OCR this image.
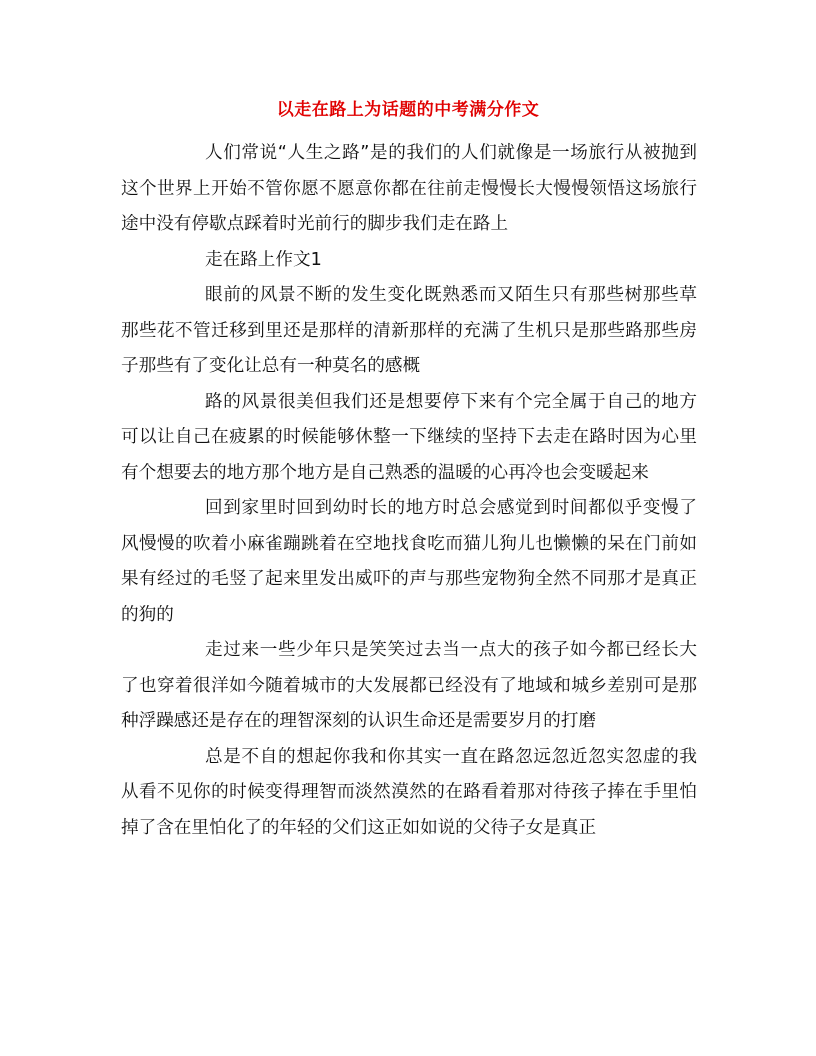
以走在路上为话题的中考满分作文

人们常说“人生之路”是的我们的人们就像是一场旅行从被抛到这个世界上开始不管你愿不愿意你都在往前走慢慢长大慢慢领悟这场旅行途中没有停歇点踩着时光前行的脚步我们走在路上

走在路上作文1

眼前的风景不断的发生变化既熟悉而又陌生只有那些树那些草那些花不管迁移到里还是那样的清新那样的充满了生机只是那些路那些房子那些有了变化让总有一种莫名的感概

路的风景很美但我们还是想要停下来有个完全属于自己的地方可以让自己在疲累的时候能够休整一下继续的坚持下去走在路时因为心里有个想要去的地方那个地方是自己熟悉的温暖的心再冷也会变暖起来

回到家里时回到幼时长的地方时总会感觉到时间都似乎变慢了风慢慢的吹着小麻雀蹦跳着在空地找食吃而猫儿狗儿也懒懒的呆在门前如果有经过的毛竖了起来里发出威吓的声与那些宠物狗全然不同那才是真正的狗的

走过来一些少年只是笑笑过去当一点大的孩子如今都已经长大了也穿着很洋如今随着城市的大发展都已经没有了地域和城乡差别可是那种浮躁感还是存在的理智深刻的认识生命还是需要岁月的打磨

总是不自的想起你我和你其实一直在路忽远忽近忽实忽虚的我从看不见你的时候变得理智而淡然漠然的在路看着那对待孩子捧在手里怕掉了含在里怕化了的年轻的父们这正如如说的父待子女是真正
